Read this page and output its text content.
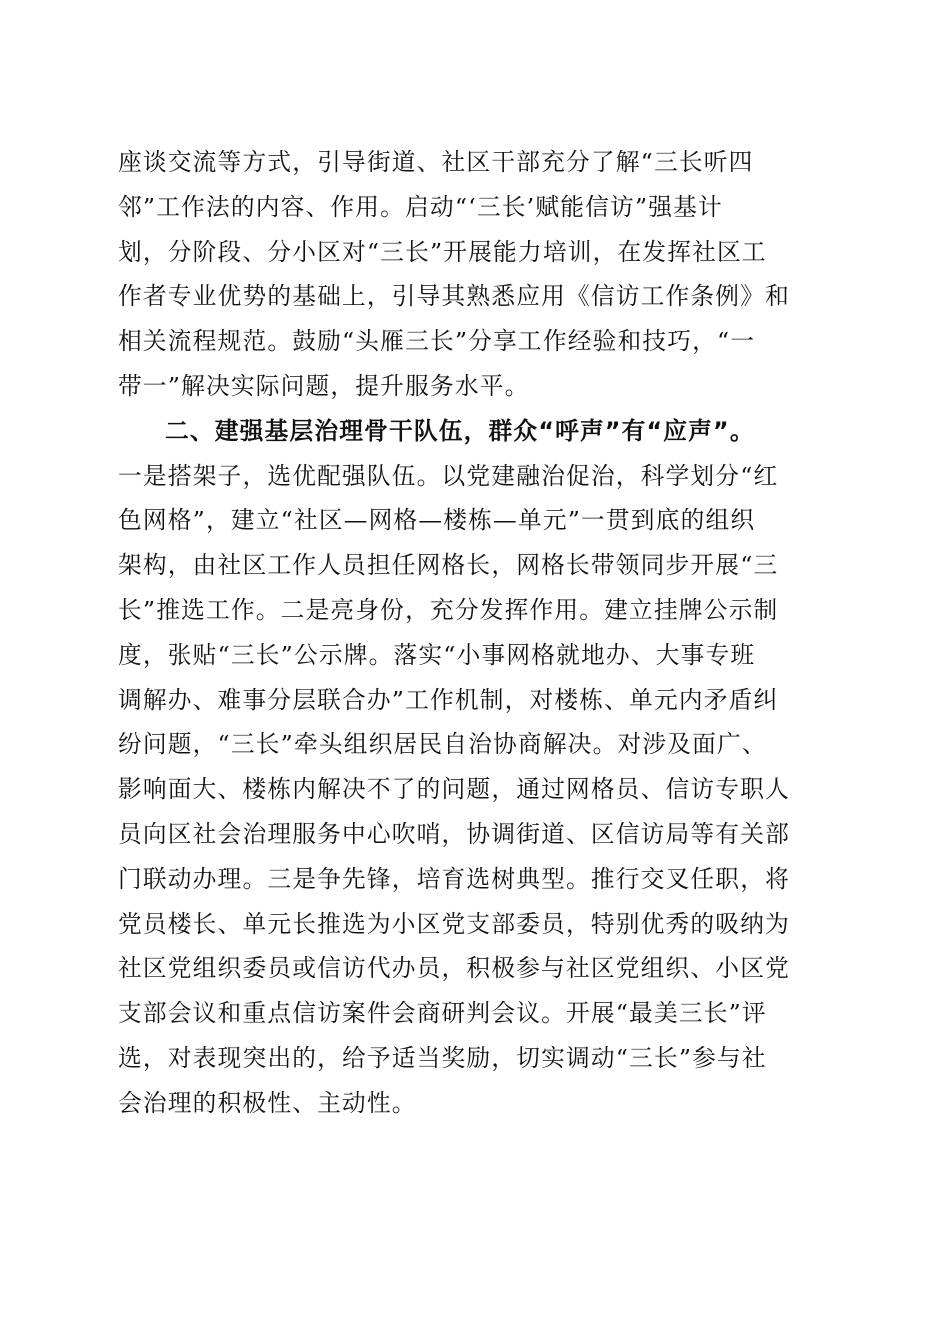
座谈交流等方式，引导街道、社区干部充分了解“三长听四
邻”工作法的内容、作用。启动“‘三长’赋能信访”强基计
划，分阶段、分小区对“三长”开展能力培训，在发挥社区工
作者专业优势的基础上，引导其熟悉应用《信访工作条例》和
相关流程规范。鼓励“头雁三长”分享工作经验和技巧，“一
带一”解决实际问题，提升服务水平。
二、建强基层治理骨干队伍，群众“呼声”有“应声”。
一是搭架子，选优配强队伍。以党建融治促治，科学划分“红
色网格”，建立“社区—网格—楼栋—单元”一贯到底的组织
架构，由社区工作人员担任网格长，网格长带领同步开展“三
长”推选工作。二是亮身份，充分发挥作用。建立挂牌公示制
度，张贴“三长”公示牌。落实“小事网格就地办、大事专班
调解办、难事分层联合办”工作机制，对楼栋、单元内矛盾纠
纷问题，“三长”牵头组织居民自治协商解决。对涉及面广、
影响面大、楼栋内解决不了的问题，通过网格员、信访专职人
员向区社会治理服务中心吹哨，协调街道、区信访局等有关部
门联动办理。三是争先锋，培育选树典型。推行交叉任职，将
党员楼长、单元长推选为小区党支部委员，特别优秀的吸纳为
社区党组织委员或信访代办员，积极参与社区党组织、小区党
支部会议和重点信访案件会商研判会议。开展“最美三长”评
选，对表现突出的，给予适当奖励，切实调动“三长”参与社
会治理的积极性、主动性。
